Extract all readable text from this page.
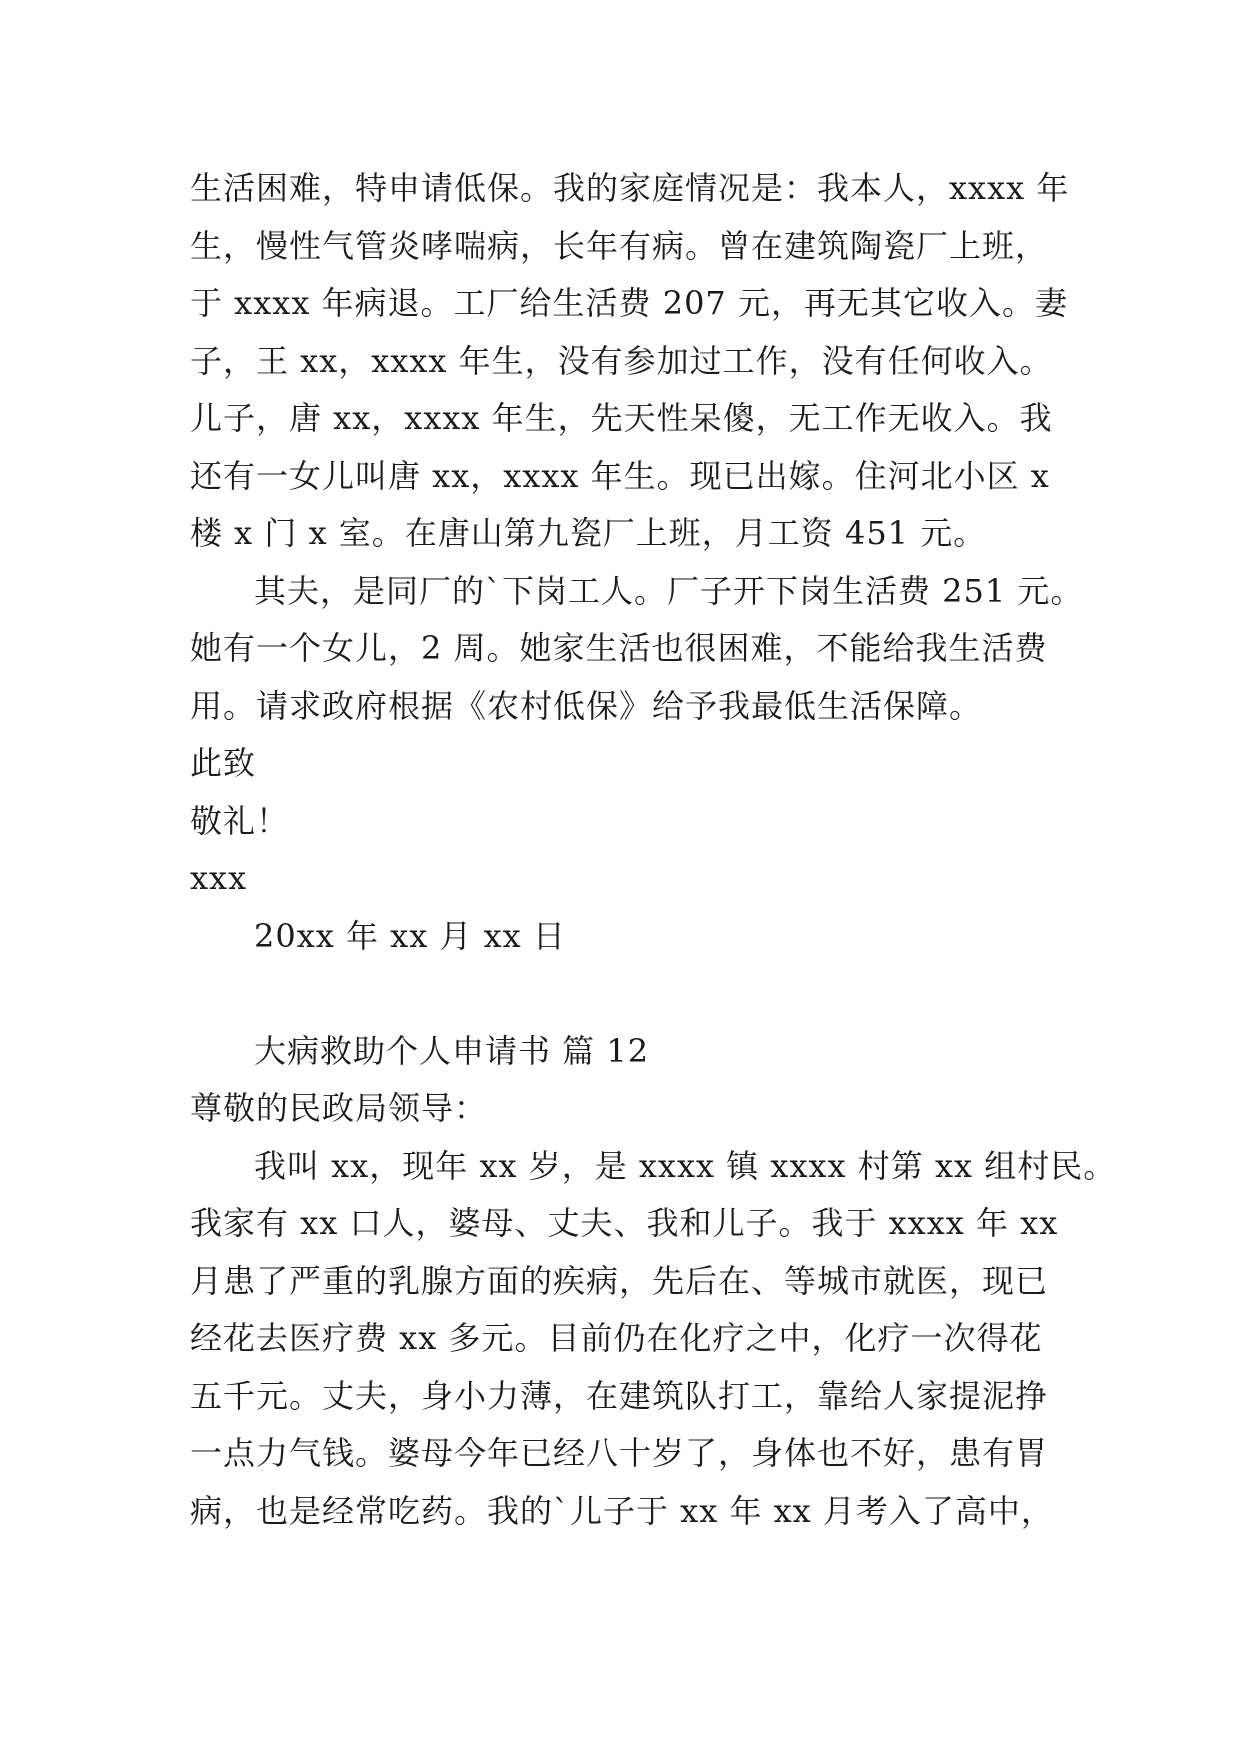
生活困难，特申请低保。我的家庭情况是：我本人，xxxx 年
生，慢性气管炎哮喘病，长年有病。曾在建筑陶瓷厂上班，
于 xxxx 年病退。工厂给生活费 207 元，再无其它收入。妻
子，王 xx，xxxx 年生，没有参加过工作，没有任何收入。
儿子，唐 xx，xxxx 年生，先天性呆傻，无工作无收入。我
还有一女儿叫唐 xx，xxxx 年生。现已出嫁。住河北小区 x
楼 x 门 x 室。在唐山第九瓷厂上班，月工资 451 元。
其夫，是同厂的`下岗工人。厂子开下岗生活费 251 元。
她有一个女儿，2 周。她家生活也很困难，不能给我生活费
用。请求政府根据《农村低保》给予我最低生活保障。
此致
敬礼！
xxx
20xx 年 xx 月 xx 日
大病救助个人申请书 篇 12
尊敬的民政局领导：
我叫 xx，现年 xx 岁，是 xxxx 镇 xxxx 村第 xx 组村民。
我家有 xx 口人，婆母、丈夫、我和儿子。我于 xxxx 年 xx
月患了严重的乳腺方面的疾病，先后在、等城市就医，现已
经花去医疗费 xx 多元。目前仍在化疗之中，化疗一次得花
五千元。丈夫，身小力薄，在建筑队打工，靠给人家提泥挣
一点力气钱。婆母今年已经八十岁了，身体也不好，患有胃
病，也是经常吃药。我的`儿子于 xx 年 xx 月考入了高中，
